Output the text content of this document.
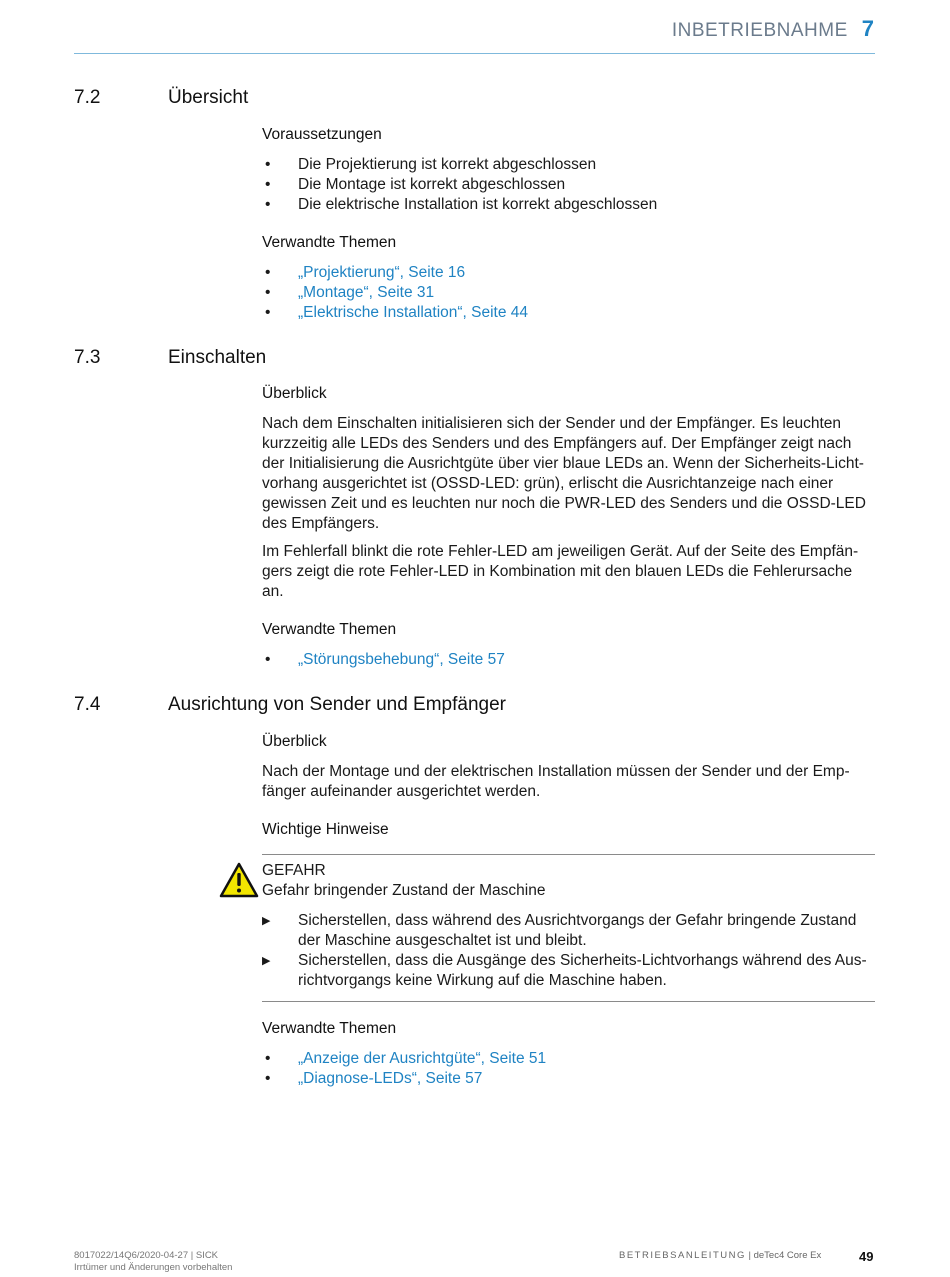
INBETRIEBNAHME 7
7.2	Übersicht

Voraussetzungen

• Die Projektierung ist korrekt abgeschlossen
• Die Montage ist korrekt abgeschlossen
• Die elektrische Installation ist korrekt abgeschlossen

Verwandte Themen

• „Projektierung“, Seite 16
• „Montage“, Seite 31
• „Elektrische Installation“, Seite 44
7.3	Einschalten

Überblick

Nach dem Einschalten initialisieren sich der Sender und der Empfänger. Es leuchten
kurzzeitig alle LEDs des Senders und des Empfängers auf. Der Empfänger zeigt nach
der Initialisierung die Ausrichtgüte über vier blaue LEDs an. Wenn der Sicherheits-Licht-
vorhang ausgerichtet ist (OSSD-LED: grün), erlischt die Ausrichtanzeige nach einer
gewissen Zeit und es leuchten nur noch die PWR-LED des Senders und die OSSD-LED
des Empfängers.
Im Fehlerfall blinkt die rote Fehler-LED am jeweiligen Gerät. Auf der Seite des Empfän-
gers zeigt die rote Fehler-LED in Kombination mit den blauen LEDs die Fehlerursache
an.

Verwandte Themen

• „Störungsbehebung“, Seite 57
7.4	Ausrichtung von Sender und Empfänger

Überblick

Nach der Montage und der elektrischen Installation müssen der Sender und der Emp-
fänger aufeinander ausgerichtet werden.

Wichtige Hinweise

GEFAHR
Gefahr bringender Zustand der Maschine
▶ Sicherstellen, dass während des Ausrichtvorgangs der Gefahr bringende Zustand
der Maschine ausgeschaltet ist und bleibt.
▶ Sicherstellen, dass die Ausgänge des Sicherheits-Lichtvorhangs während des Aus-
richtvorgangs keine Wirkung auf die Maschine haben.

Verwandte Themen

• „Anzeige der Ausrichtgüte“, Seite 51
• „Diagnose-LEDs“, Seite 57
8017022/14Q6/2020-04-27 | SICK
Irrtümer und Änderungen vorbehalten
BETRIEBSANLEITUNG | deTec4 Core Ex	49
